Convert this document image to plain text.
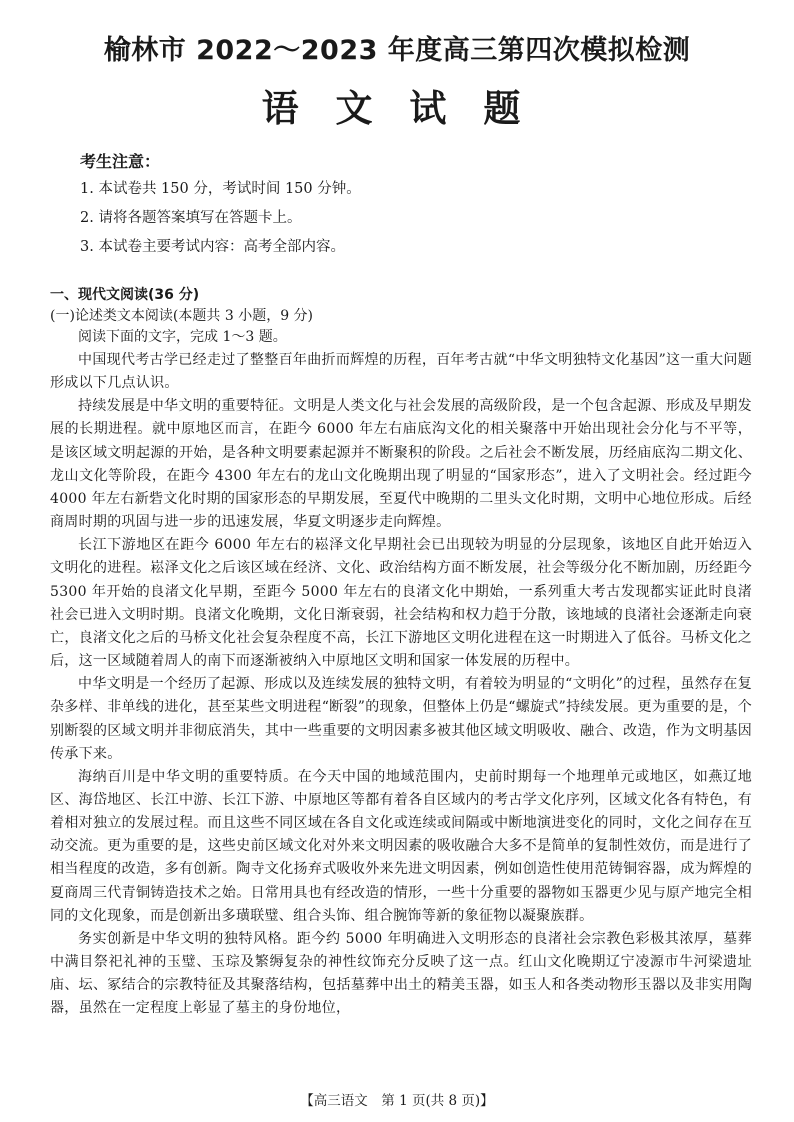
榆林市 2022～2023 年度高三第四次模拟检测
语 文 试 题
考生注意：
1. 本试卷共 150 分，考试时间 150 分钟。
2. 请将各题答案填写在答题卡上。
3. 本试卷主要考试内容：高考全部内容。
一、现代文阅读(36 分)
(一)论述类文本阅读(本题共 3 小题，9 分)
阅读下面的文字，完成 1～3 题。

中国现代考古学已经走过了整整百年曲折而辉煌的历程，百年考古就“中华文明独特文化基因”这一重大问题形成以下几点认识。

持续发展是中华文明的重要特征。文明是人类文化与社会发展的高级阶段，是一个包含起源、形成及早期发展的长期进程。就中原地区而言，在距今 6000 年左右庙底沟文化的相关聚落中开始出现社会分化与不平等，是该区域文明起源的开始，是各种文明要素起源并不断聚积的阶段。之后社会不断发展，历经庙底沟二期文化、龙山文化等阶段，在距今 4300 年左右的龙山文化晚期出现了明显的“国家形态”，进入了文明社会。经过距今 4000 年左右新砦文化时期的国家形态的早期发展，至夏代中晚期的二里头文化时期，文明中心地位形成。后经商周时期的巩固与进一步的迅速发展，华夏文明逐步走向辉煌。

长江下游地区在距今 6000 年左右的崧泽文化早期社会已出现较为明显的分层现象，该地区自此开始迈入文明化的进程。崧泽文化之后该区域在经济、文化、政治结构方面不断发展，社会等级分化不断加剧，历经距今 5300 年开始的良渚文化早期，至距今 5000 年左右的良渚文化中期始，一系列重大考古发现都实证此时良渚社会已进入文明时期。良渚文化晚期，文化日渐衰弱，社会结构和权力趋于分散，该地域的良渚社会逐渐走向衰亡，良渚文化之后的马桥文化社会复杂程度不高，长江下游地区文明化进程在这一时期进入了低谷。马桥文化之后，这一区域随着周人的南下而逐渐被纳入中原地区文明和国家一体发展的历程中。

中华文明是一个经历了起源、形成以及连续发展的独特文明，有着较为明显的“文明化”的过程，虽然存在复杂多样、非单线的进化，甚至某些文明进程“断裂”的现象，但整体上仍是“螺旋式”持续发展。更为重要的是，个别断裂的区域文明并非彻底消失，其中一些重要的文明因素多被其他区域文明吸收、融合、改造，作为文明基因传承下来。

海纳百川是中华文明的重要特质。在今天中国的地域范围内，史前时期每一个地理单元或地区，如燕辽地区、海岱地区、长江中游、长江下游、中原地区等都有着各自区域内的考古学文化序列，区域文化各有特色，有着相对独立的发展过程。而且这些不同区域在各自文化或连续或间隔或中断地演进变化的同时，文化之间存在互动交流。更为重要的是，这些史前区域文化对外来文明因素的吸收融合大多不是简单的复制性效仿，而是进行了相当程度的改造，多有创新。陶寺文化扬弃式吸收外来先进文明因素，例如创造性使用范铸铜容器，成为辉煌的夏商周三代青铜铸造技术之始。日常用具也有经改造的情形，一些十分重要的器物如玉器更少见与原产地完全相同的文化现象，而是创新出多璜联璧、组合头饰、组合腕饰等新的象征物以凝聚族群。

务实创新是中华文明的独特风格。距今约 5000 年明确进入文明形态的良渚社会宗教色彩极其浓厚，墓葬中满目祭祀礼神的玉璧、玉琮及繁缛复杂的神性纹饰充分反映了这一点。红山文化晚期辽宁凌源市牛河梁遗址庙、坛、冢结合的宗教特征及其聚落结构，包括墓葬中出土的精美玉器，如玉人和各类动物形玉器以及非实用陶器，虽然在一定程度上彰显了墓主的身份地位，

【高三语文　第 1 页(共 8 页)】
